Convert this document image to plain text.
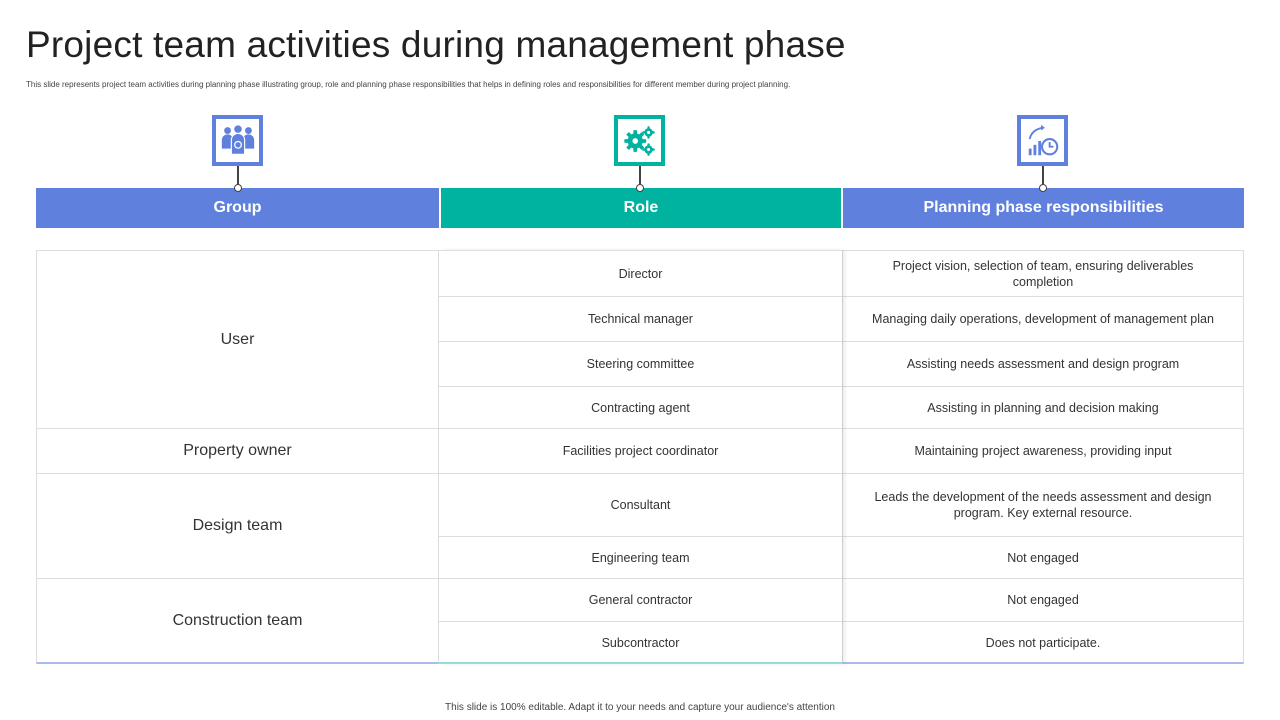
Project team activities during management phase
This slide represents project team activities during planning phase illustrating group, role and planning phase responsibilities that helps in defining roles and responsibilities for different member during project planning.
Group	Role	Planning phase responsibilities
User
Property owner
Design team
Construction team
Director
Technical manager
Steering committee
Contracting agent
Facilities project coordinator
Consultant
Engineering team
General contractor
Subcontractor
Project vision, selection of team, ensuring deliverables completion
Managing daily operations, development of management plan
Assisting needs assessment and design program
Assisting in planning and decision making
Maintaining project awareness, providing input
Leads the development of the needs assessment and design program. Key external resource.
Not engaged
Not engaged
Does not participate.
This slide is 100% editable. Adapt it to your needs and capture your audience's attention
